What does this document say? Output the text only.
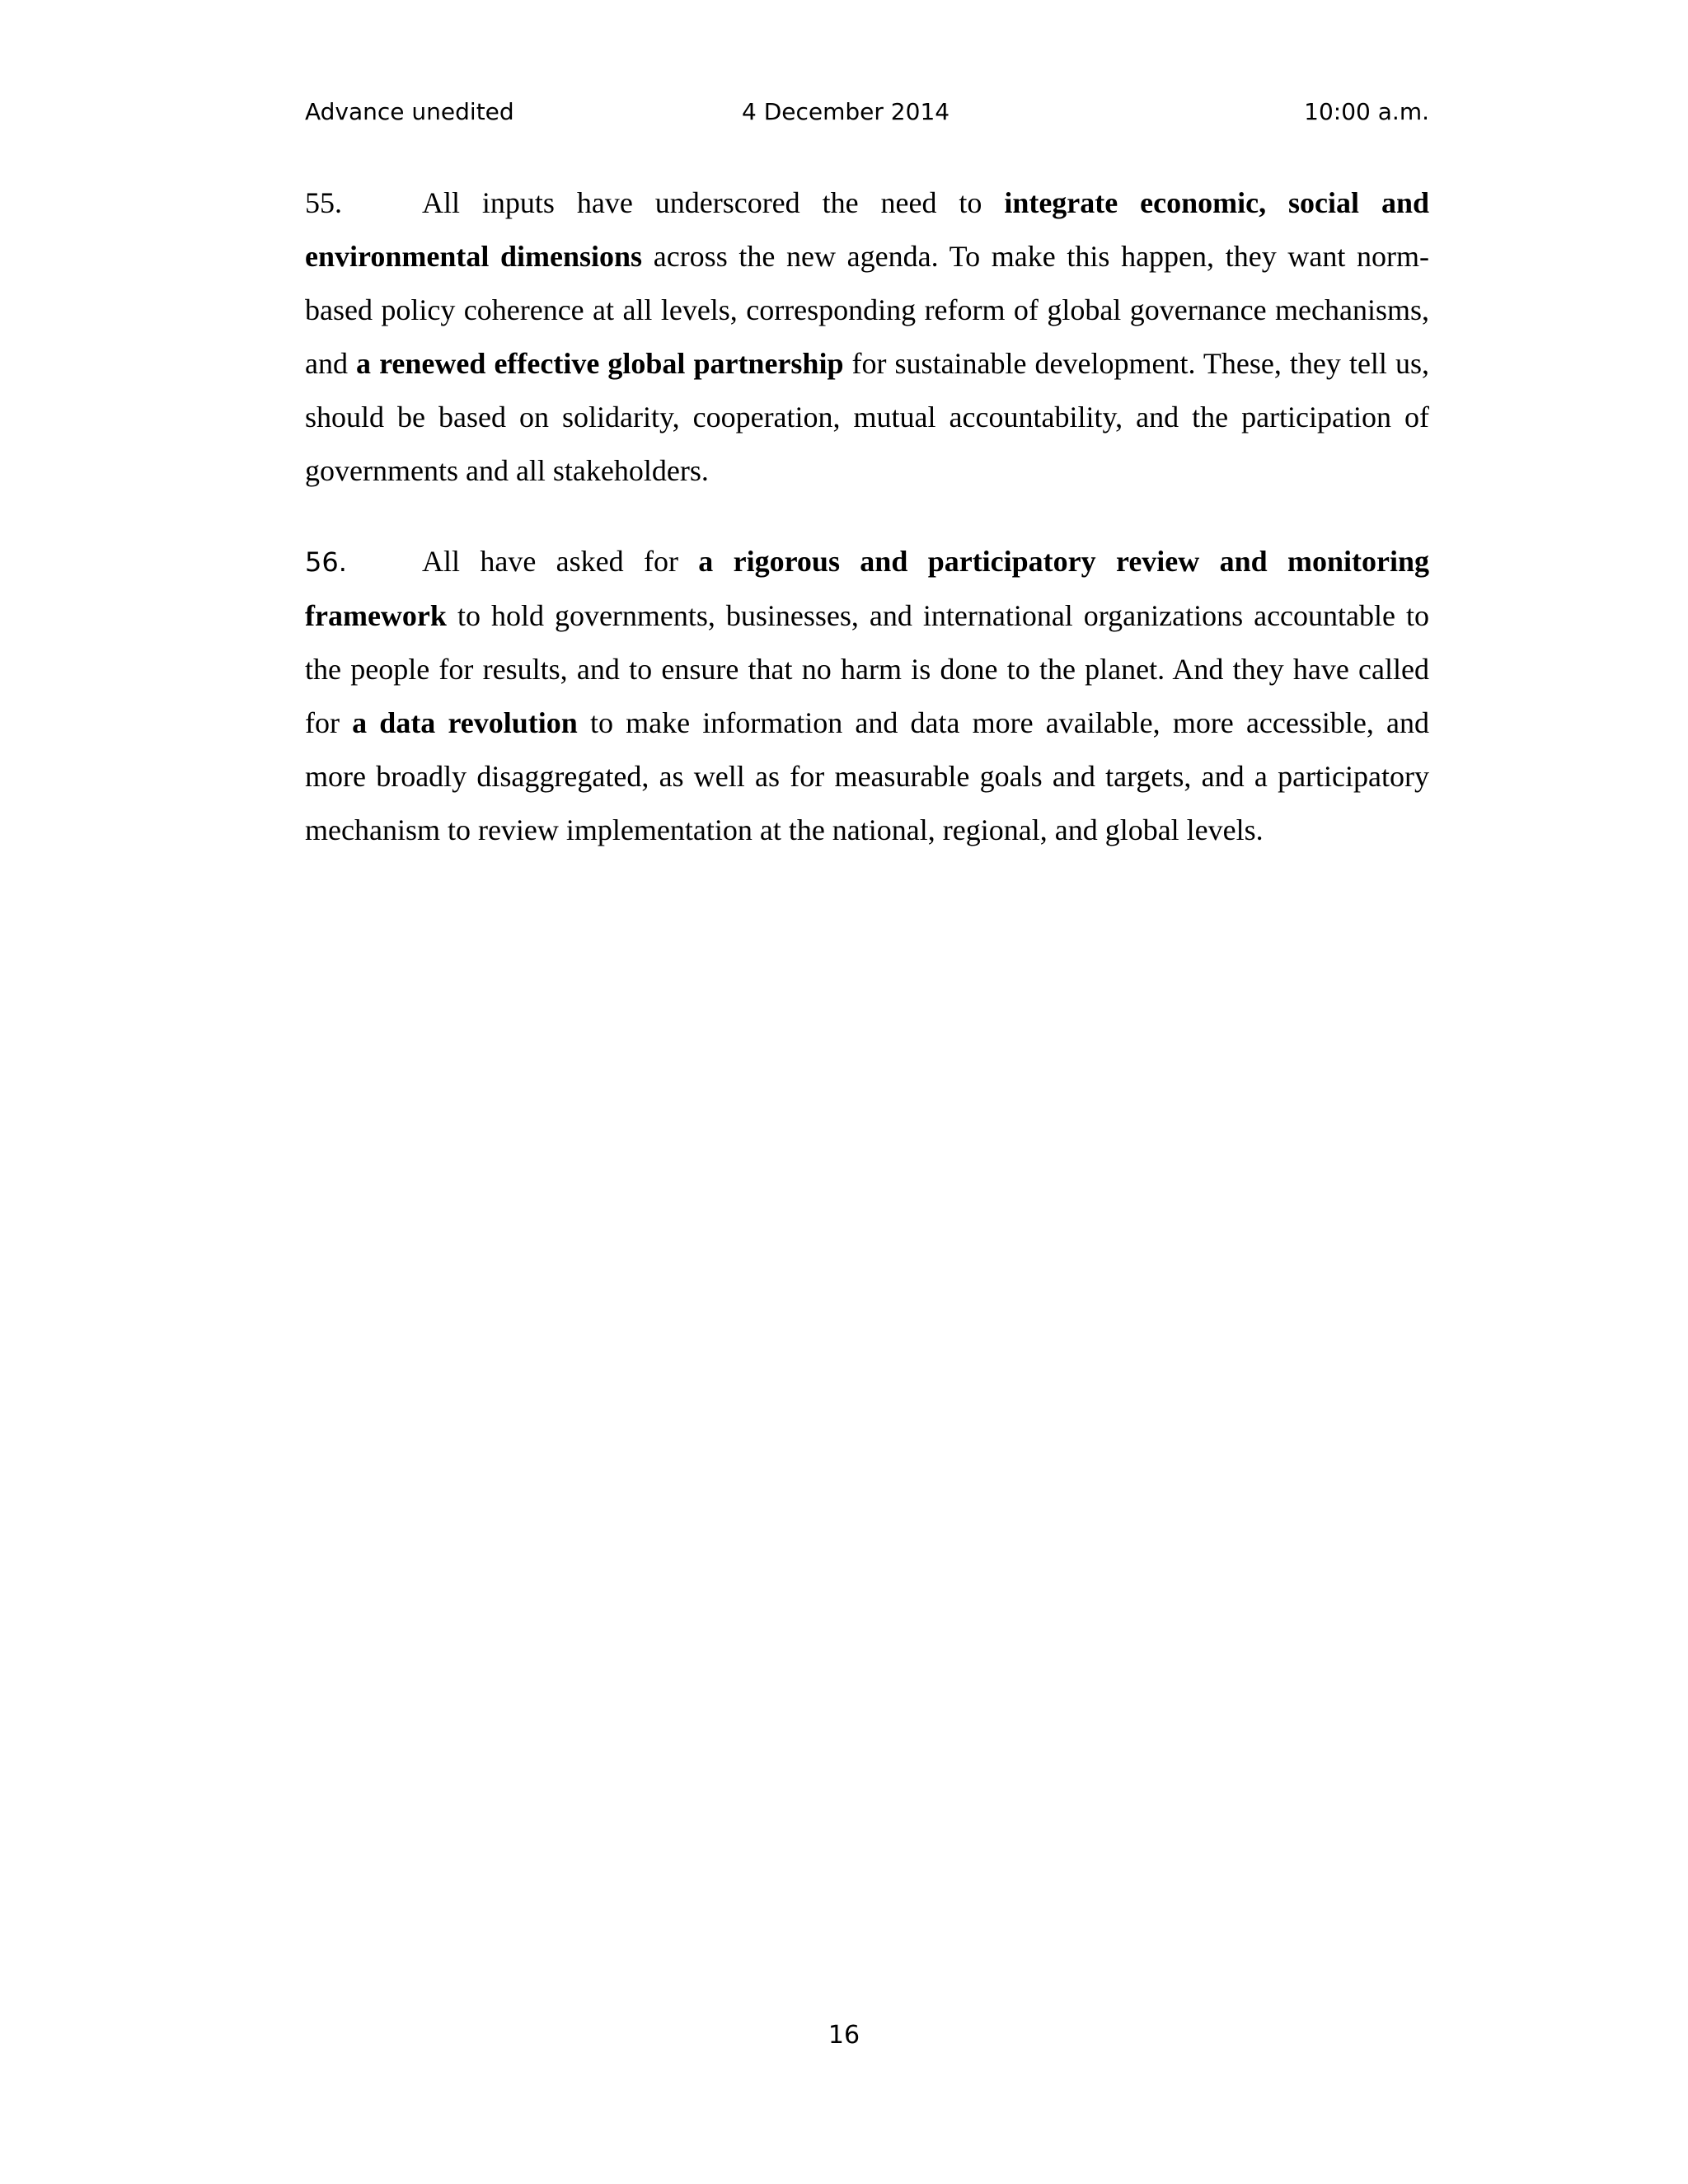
Advance unedited	4 December 2014	10:00 a.m.

55.	All inputs have underscored the need to integrate economic, social and environmental dimensions across the new agenda. To make this happen, they want norm-based policy coherence at all levels, corresponding reform of global governance mechanisms, and a renewed effective global partnership for sustainable development. These, they tell us, should be based on solidarity, cooperation, mutual accountability, and the participation of governments and all stakeholders.

56.	All have asked for a rigorous and participatory review and monitoring framework to hold governments, businesses, and international organizations accountable to the people for results, and to ensure that no harm is done to the planet. And they have called for a data revolution to make information and data more available, more accessible, and more broadly disaggregated, as well as for measurable goals and targets, and a participatory mechanism to review implementation at the national, regional, and global levels.

16
